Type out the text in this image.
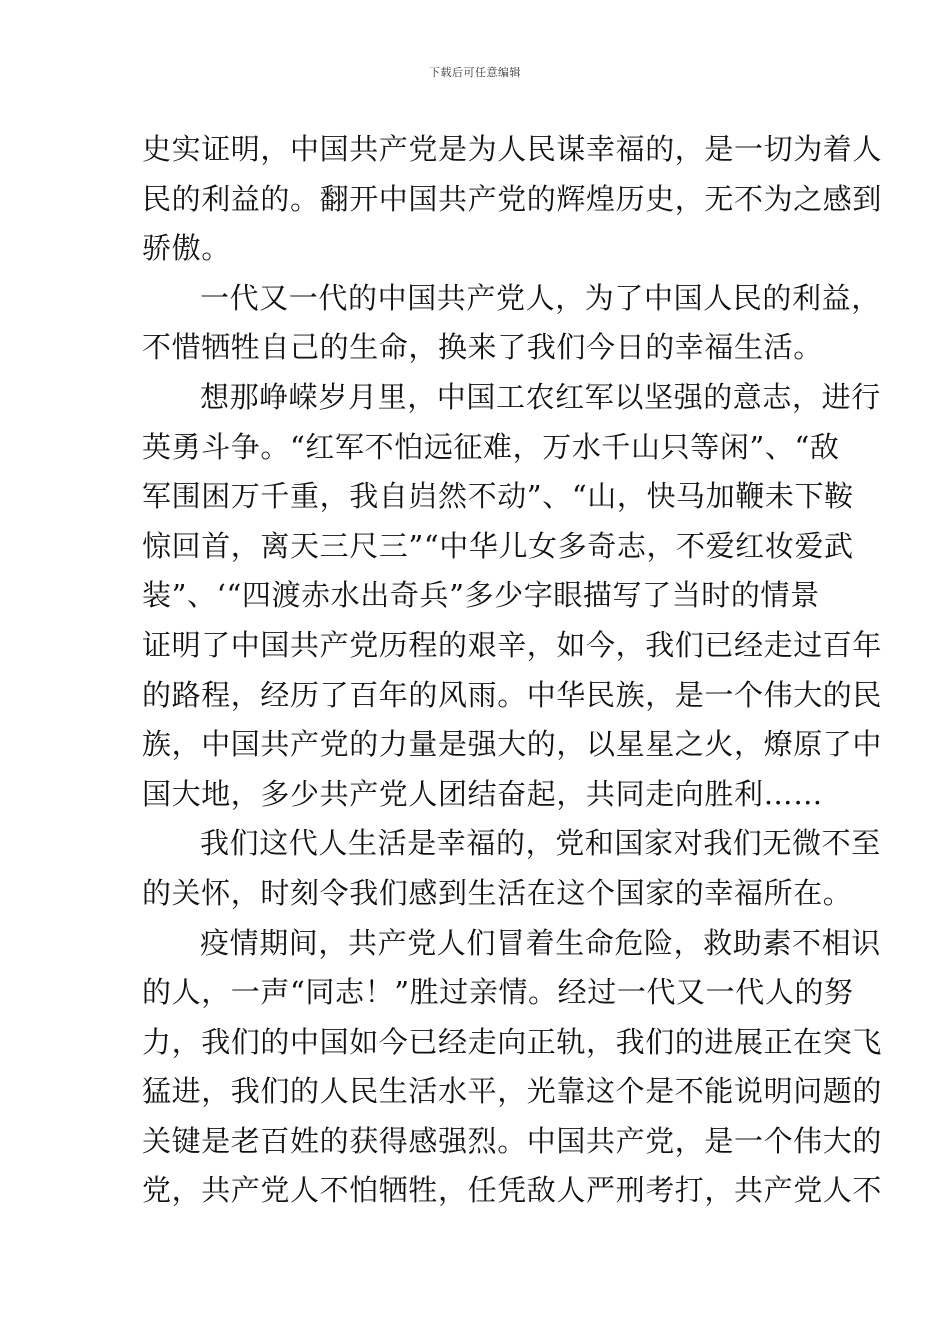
下载后可任意编辑
史实证明，中国共产党是为人民谋幸福的，是一切为着人
民的利益的。翻开中国共产党的辉煌历史，无不为之感到
骄傲。
一代又一代的中国共产党人，为了中国人民的利益，
不惜牺牲自己的生命，换来了我们今日的幸福生活。
想那峥嵘岁月里，中国工农红军以坚强的意志，进行
英勇斗争。“红军不怕远征难，万水千山只等闲”、“敌
军围困万千重，我自岿然不动”、“山，快马加鞭未下鞍
惊回首，离天三尺三”“中华儿女多奇志，不爱红妆爱武
装”、‘“四渡赤水出奇兵”多少字眼描写了当时的情景
证明了中国共产党历程的艰辛，如今，我们已经走过百年
的路程，经历了百年的风雨。中华民族，是一个伟大的民
族，中国共产党的力量是强大的，以星星之火，燎原了中
国大地，多少共产党人团结奋起，共同走向胜利……
我们这代人生活是幸福的，党和国家对我们无微不至
的关怀，时刻令我们感到生活在这个国家的幸福所在。
疫情期间，共产党人们冒着生命危险，救助素不相识
的人，一声“同志！”胜过亲情。经过一代又一代人的努
力，我们的中国如今已经走向正轨，我们的进展正在突飞
猛进，我们的人民生活水平，光靠这个是不能说明问题的
关键是老百姓的获得感强烈。中国共产党，是一个伟大的
党，共产党人不怕牺牲，任凭敌人严刑考打，共产党人不
